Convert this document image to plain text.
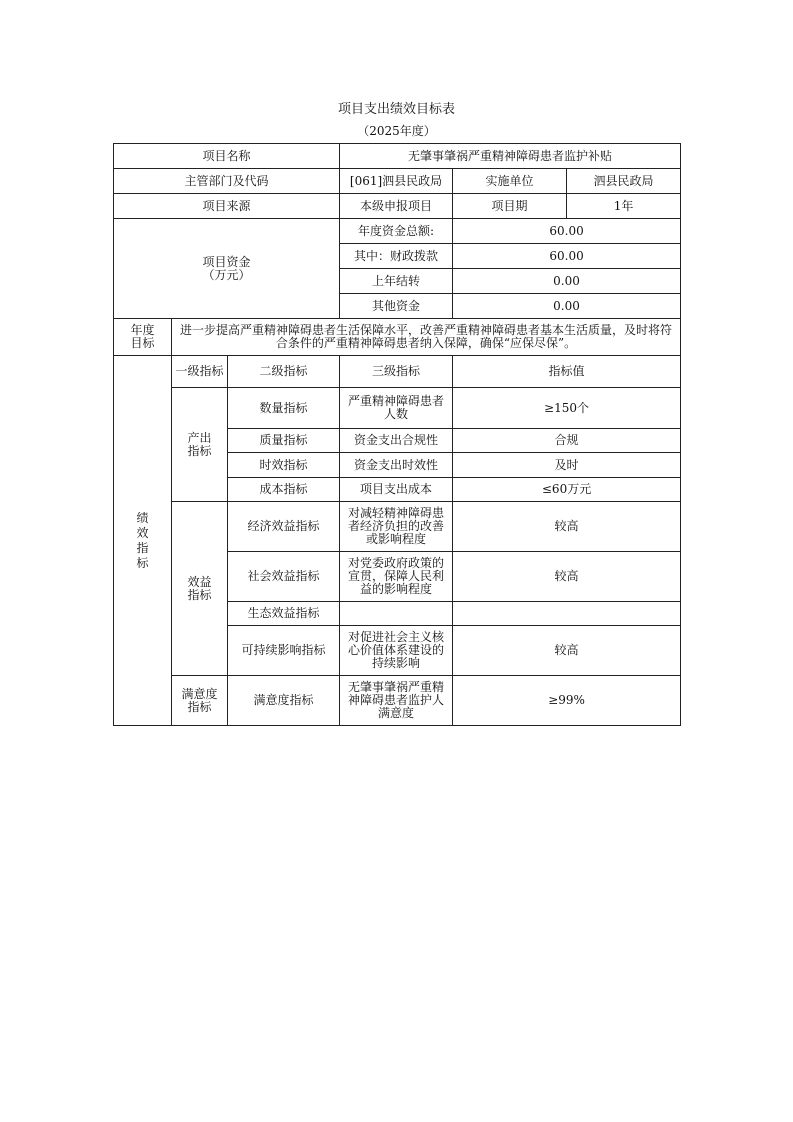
项目支出绩效目标表
（2025年度）
项目名称			无肇事肇祸严重精神障碍患者监护补贴		
主管部门及代码			[061]泗县民政局	实施单位	泗县民政局
项目来源			本级申报项目	项目期	1年

项目资金
（万元）			年度资金总额:	60.00	
			其中：财政拨款	60.00	
			上年结转	0.00	
			其他资金	0.00	

年度
目标	进一步提高严重精神障碍患者生活保障水平，改善严重精神障碍患者基本生活质量，及时将符合条件的严重精神障碍患者纳入保障，确保“应保尽保”。				

绩效指标	一级指标	二级指标	三级指标	指标值	

	产出指标	数量指标	严重精神障碍患者人数	≥150个	
		质量指标	资金支出合规性	合规	
		时效指标	资金支出时效性	及时	
		成本指标	项目支出成本	≤60万元	

	效益指标	经济效益指标	对减轻精神障碍患者经济负担的改善或影响程度	较高	
		社会效益指标	对党委政府政策的宣贯，保障人民利益的影响程度	较高	
		生态效益指标			
		可持续影响指标	对促进社会主义核心价值体系建设的持续影响	较高	

	满意度指标	满意度指标	无肇事肇祸严重精神障碍患者监护人满意度	≥99%	
